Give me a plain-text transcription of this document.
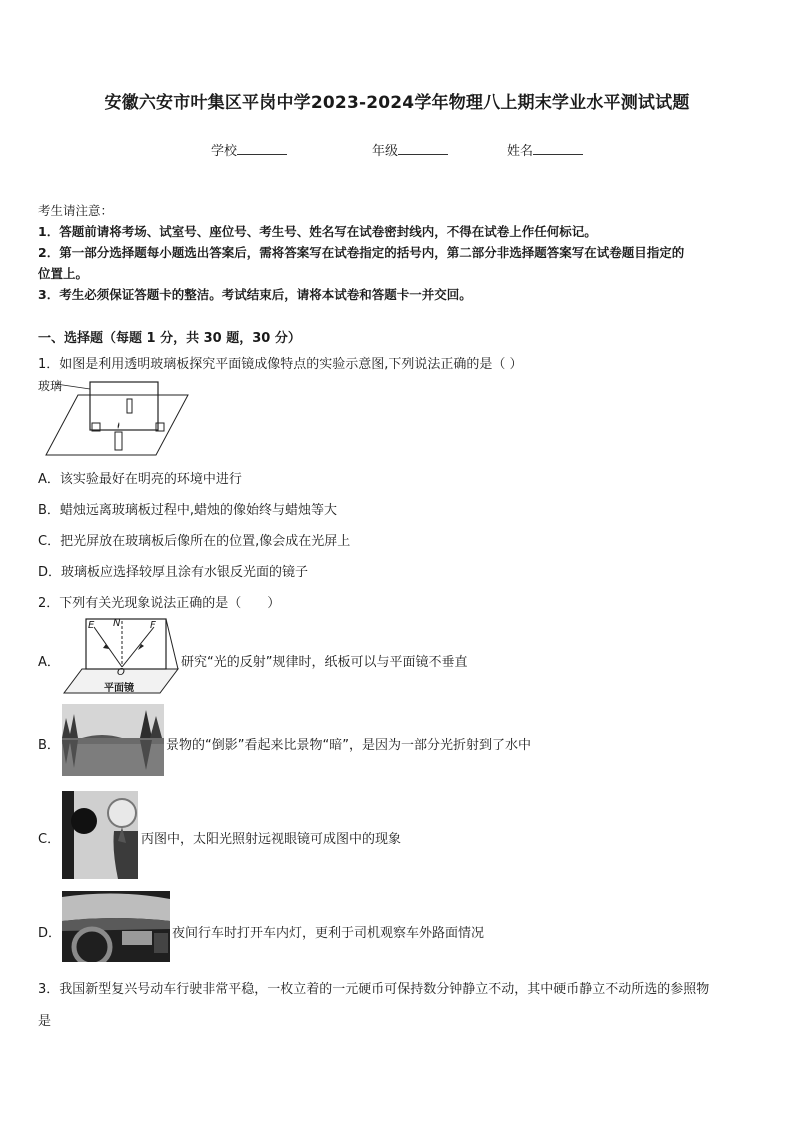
安徽六安市叶集区平岗中学2023-2024学年物理八上期末学业水平测试试题
学校	年级	姓名
考生请注意：
1．答题前请将考场、试室号、座位号、考生号、姓名写在试卷密封线内，不得在试卷上作任何标记。
2．第一部分选择题每小题选出答案后，需将答案写在试卷指定的括号内，第二部分非选择题答案写在试卷题目指定的
位置上。
3．考生必须保证答题卡的整洁。考试结束后，请将本试卷和答题卡一并交回。
一、选择题（每题 1 分，共 30 题，30 分）
1．如图是利用透明玻璃板探究平面镜成像特点的实验示意图,下列说法正确的是（ ）
玻璃
A．该实验最好在明亮的环境中进行
B．蜡烛远离玻璃板过程中,蜡烛的像始终与蜡烛等大
C．把光屏放在玻璃板后像所在的位置,像会成在光屏上
D．玻璃板应选择较厚且涂有水银反光面的镜子
2．下列有关光现象说法正确的是（　　）
A．
E N	F
O
平面镜
研究“光的反射”规律时，纸板可以与平面镜不垂直
B．	景物的“倒影”看起来比景物“暗”，是因为一部分光折射到了水中
C．	丙图中，太阳光照射远视眼镜可成图中的现象
D．	夜间行车时打开车内灯，更利于司机观察车外路面情况
3．我国新型复兴号动车行驶非常平稳，一枚立着的一元硬币可保持数分钟静立不动，其中硬币静立不动所选的参照物
是
